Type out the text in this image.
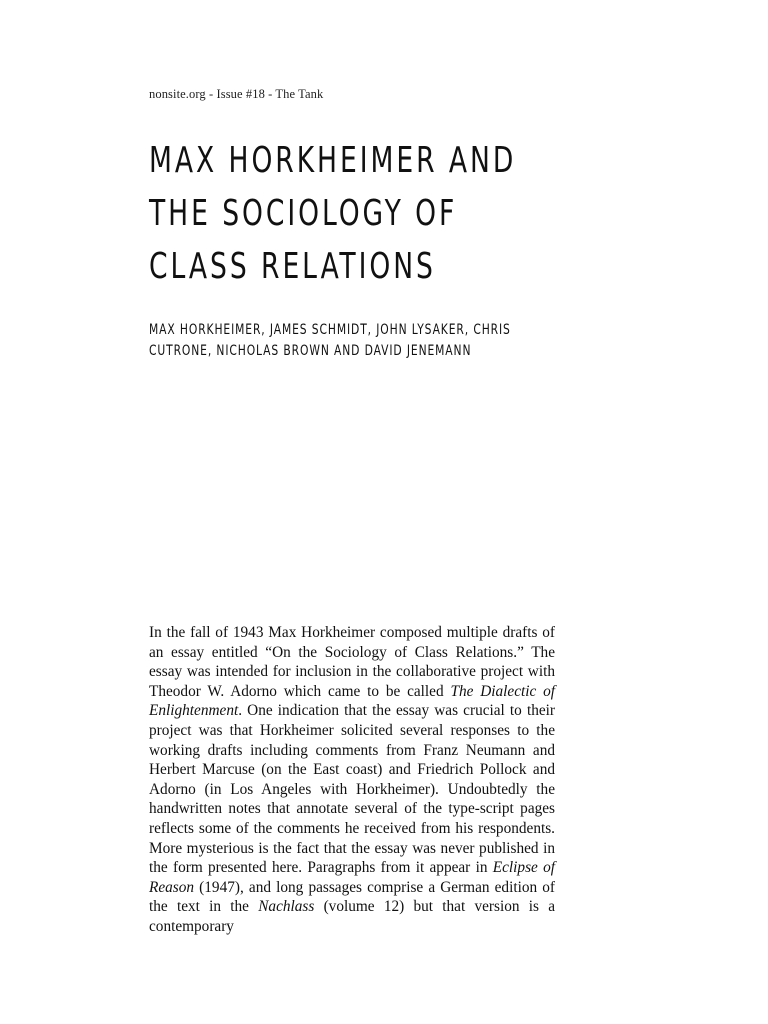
nonsite.org - Issue #18 - The Tank
MAX HORKHEIMER AND
THE SOCIOLOGY OF
CLASS RELATIONS

MAX HORKHEIMER, JAMES SCHMIDT, JOHN LYSAKER, CHRIS
CUTRONE, NICHOLAS BROWN AND DAVID JENEMANN

In the fall of 1943 Max Horkheimer composed multiple drafts of an essay entitled “On the Sociology of Class Relations.” The essay was intended for inclusion in the collaborative project with Theodor W. Adorno which came to be called The Dialectic of Enlightenment. One indication that the essay was crucial to their project was that Horkheimer solicited several responses to the working drafts including comments from Franz Neumann and Herbert Marcuse (on the East coast) and Friedrich Pollock and Adorno (in Los Angeles with Horkheimer). Undoubtedly the handwritten notes that annotate several of the type-script pages reflects some of the comments he received from his respondents. More mysterious is the fact that the essay was never published in the form presented here. Paragraphs from it appear in Eclipse of Reason (1947), and long passages comprise a German edition of the text in the Nachlass (volume 12) but that version is a contemporary
